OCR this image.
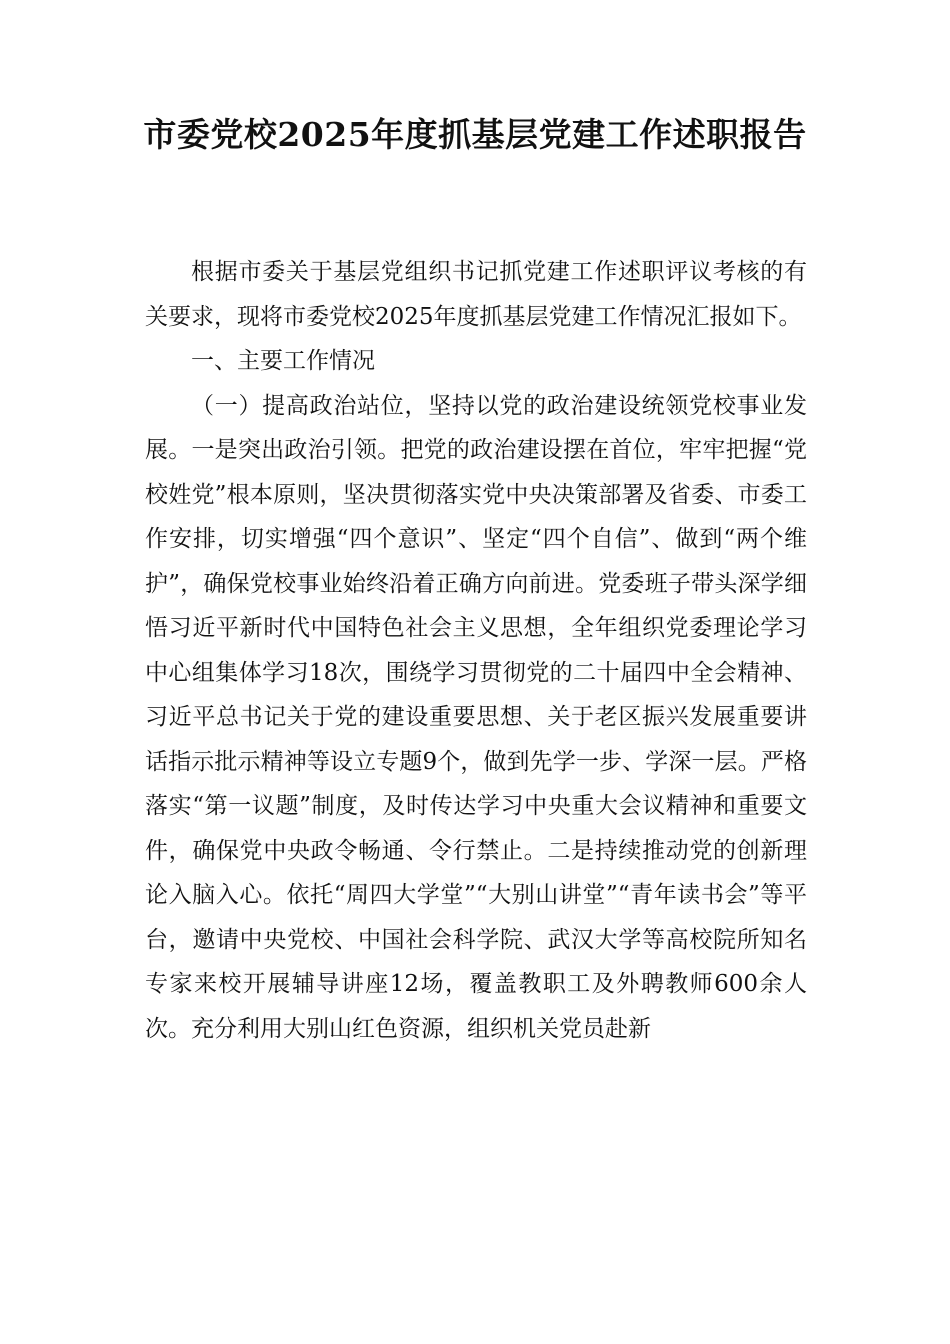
市委党校2025年度抓基层党建工作述职报告

根据市委关于基层党组织书记抓党建工作述职评议考核的有关要求，现将市委党校2025年度抓基层党建工作情况汇报如下。

一、主要工作情况

（一）提高政治站位，坚持以党的政治建设统领党校事业发展。一是突出政治引领。把党的政治建设摆在首位，牢牢把握“党校姓党”根本原则，坚决贯彻落实党中央决策部署及省委、市委工作安排，切实增强“四个意识”、坚定“四个自信”、做到“两个维护”，确保党校事业始终沿着正确方向前进。党委班子带头深学细悟习近平新时代中国特色社会主义思想，全年组织党委理论学习中心组集体学习18次，围绕学习贯彻党的二十届四中全会精神、习近平总书记关于党的建设重要思想、关于老区振兴发展重要讲话指示批示精神等设立专题9个，做到先学一步、学深一层。严格落实“第一议题”制度，及时传达学习中央重大会议精神和重要文件，确保党中央政令畅通、令行禁止。二是持续推动党的创新理论入脑入心。依托“周四大学堂”“大别山讲堂”“青年读书会”等平台，邀请中央党校、中国社会科学院、武汉大学等高校院所知名专家来校开展辅导讲座12场，覆盖教职工及外聘教师600余人次。充分利用大别山红色资源，组织机关党员赴新
